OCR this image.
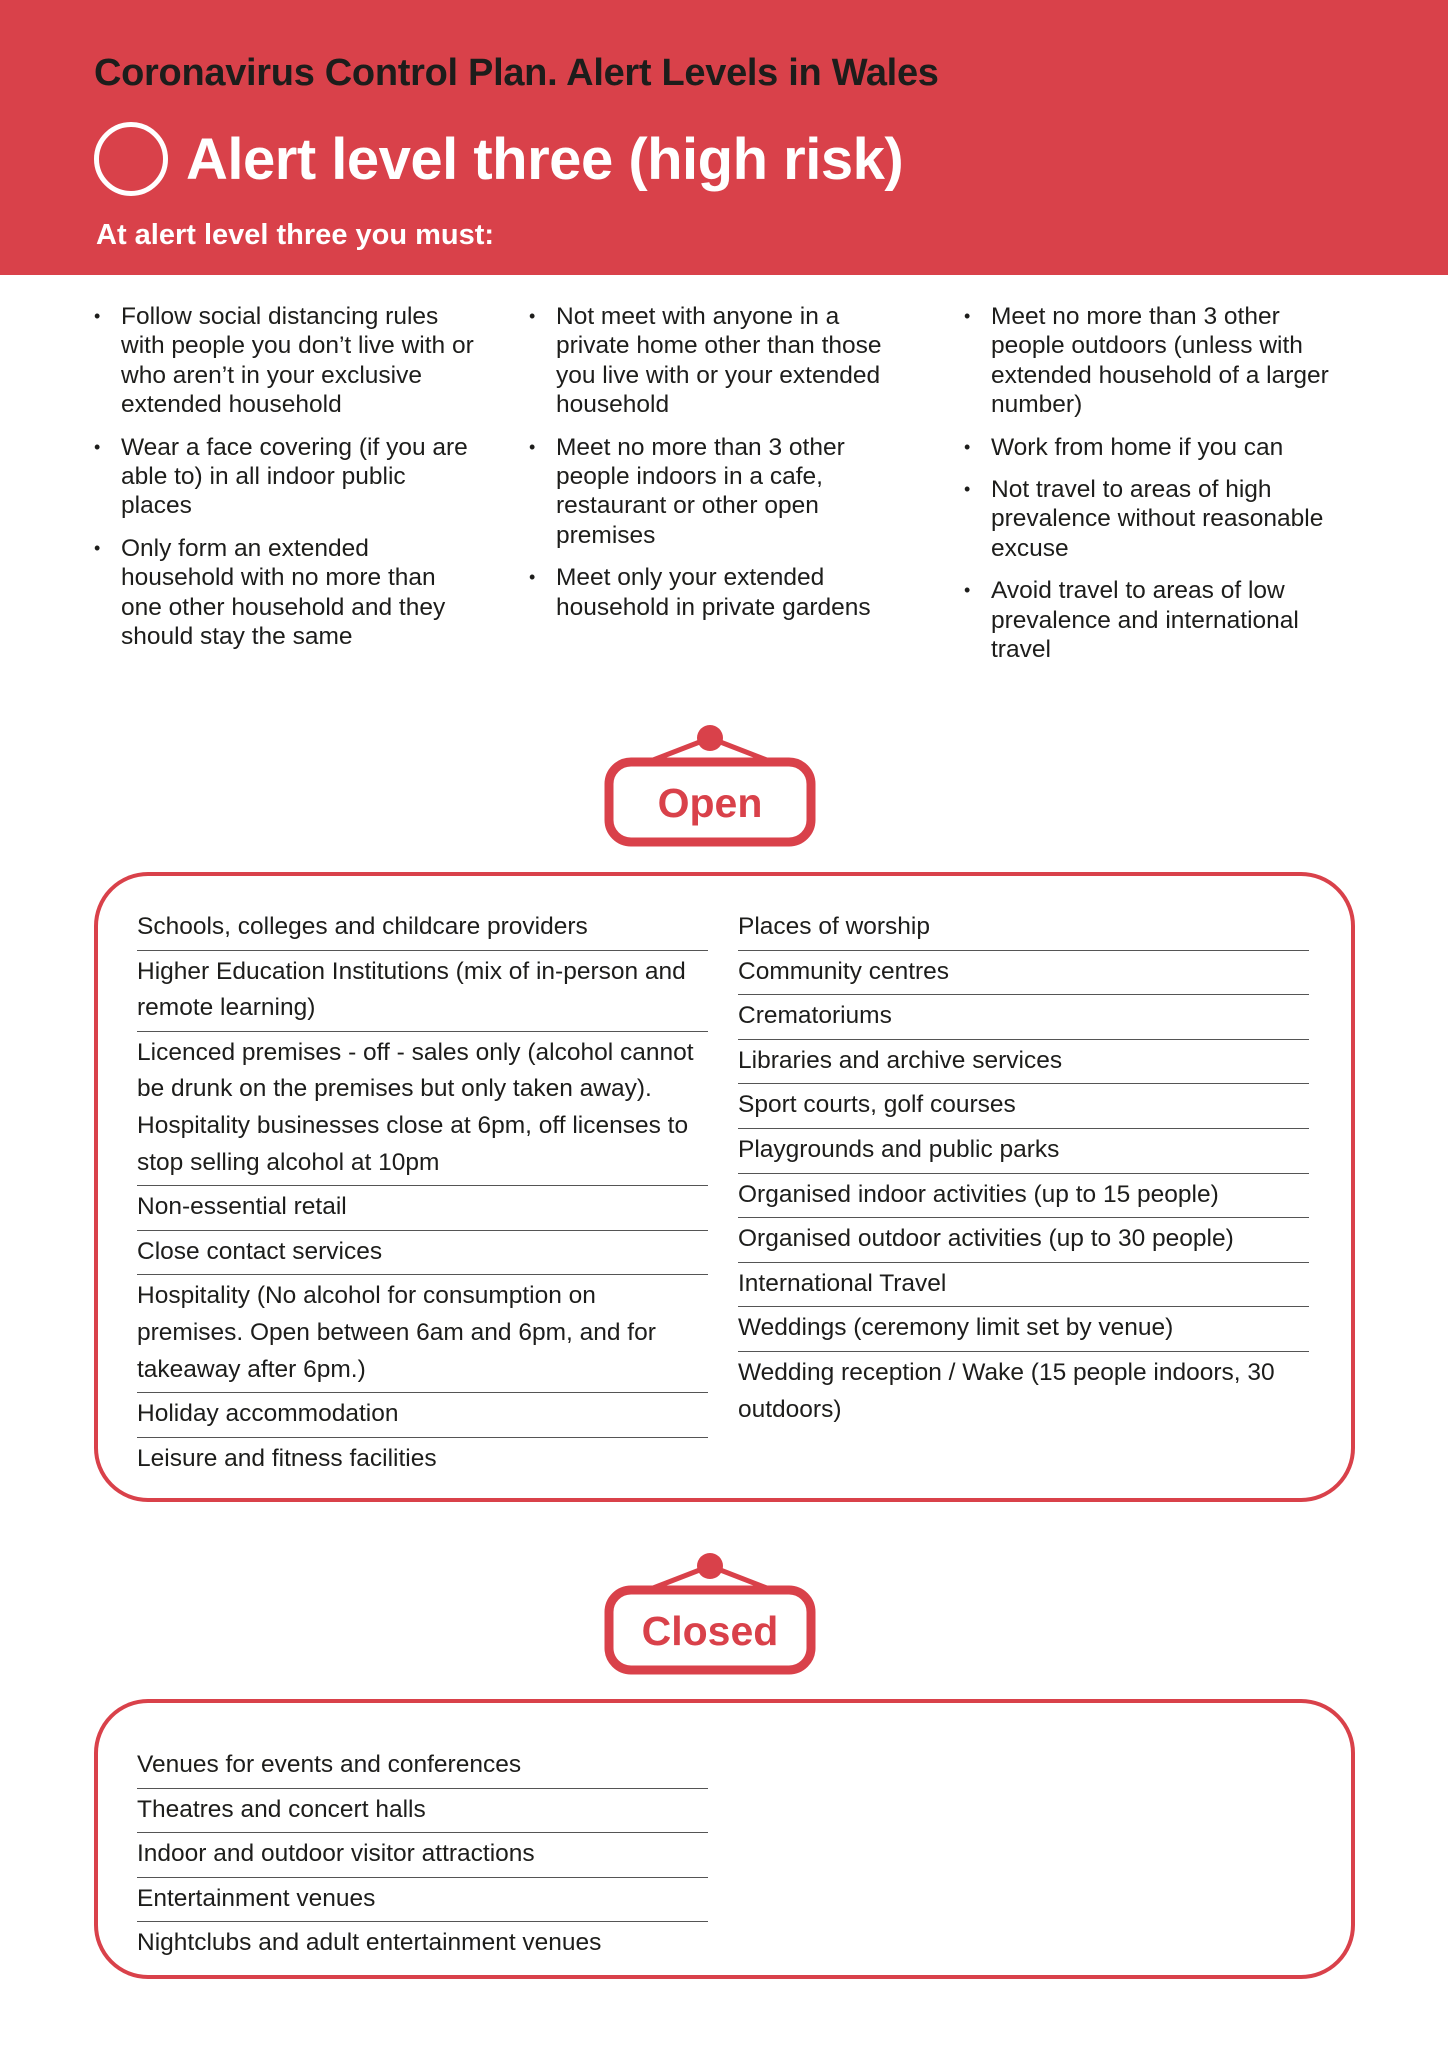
Coronavirus Control Plan. Alert Levels in Wales
Alert level three (high risk)
At alert level three you must:
• Follow social distancing rules with people you don’t live with or who aren’t in your exclusive extended household
• Wear a face covering (if you are able to) in all indoor public places
• Only form an extended household with no more than one other household and they should stay the same
• Not meet with anyone in a private home other than those you live with or your extended household
• Meet no more than 3 other people indoors in a cafe, restaurant or other open premises
• Meet only your extended household in private gardens
• Meet no more than 3 other people outdoors (unless with extended household of a larger number)
• Work from home if you can
• Not travel to areas of high prevalence without reasonable excuse
• Avoid travel to areas of low prevalence and international travel
Open
Schools, colleges and childcare providers
Higher Education Institutions (mix of in-person and remote learning)
Licenced premises - off - sales only (alcohol cannot be drunk on the premises but only taken away). Hospitality businesses close at 6pm, off licenses to stop selling alcohol at 10pm
Non-essential retail
Close contact services
Hospitality (No alcohol for consumption on premises. Open between 6am and 6pm, and for takeaway after 6pm.)
Holiday accommodation
Leisure and fitness facilities
Places of worship
Community centres
Crematoriums
Libraries and archive services
Sport courts, golf courses
Playgrounds and public parks
Organised indoor activities (up to 15 people)
Organised outdoor activities (up to 30 people)
International Travel
Weddings (ceremony limit set by venue)
Wedding reception / Wake (15 people indoors, 30 outdoors)
Closed
Venues for events and conferences
Theatres and concert halls
Indoor and outdoor visitor attractions
Entertainment venues
Nightclubs and adult entertainment venues
